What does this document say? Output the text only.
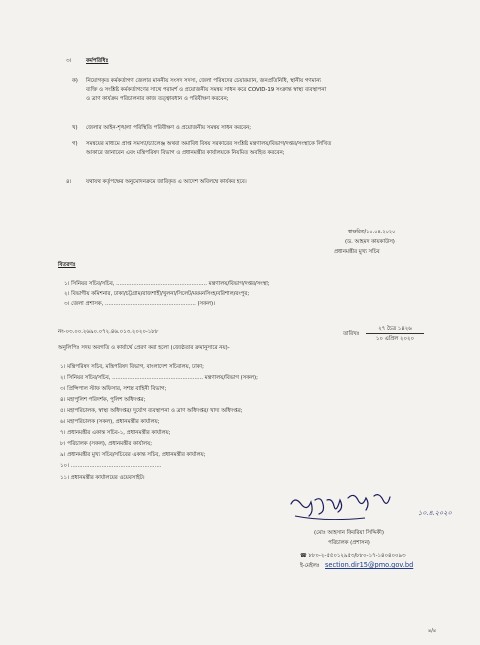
৩।	কর্মপরিধিঃ
ক) নিয়োগকৃত কর্মকর্তাগণ জেলার মাননীয় সংসদ সদস্য, জেলা পরিষদের চেয়ারম্যান, জনপ্রতিনিধি, স্থানীয় গণমান্য
ব্যক্তি ও সংশ্লিষ্ট কর্মকর্তাগণের সাথে পরামর্শ ও প্রয়োজনীয় সমন্বয় সাধন করে COVID-19 সংক্রান্ত স্বাস্থ্য ব্যবস্থাপনা
ও ত্রাণ কার্যক্রম পরিচালনার কাজ তত্ত্বাবধান ও পরিবীক্ষণ করবেন;
খ) জেলার আইন-শৃঙ্খলা পরিস্থিতি পরিবীক্ষণ ও প্রয়োজনীয় সমন্বয় সাধন করবেন;
গ) সমন্বয়ের মাধ্যমে প্রাপ্ত সমস্যা/চ্যালেঞ্জ অথবা অমাবিধ বিষয় সরকারের সংশ্লিষ্ট মন্ত্রণালয়/বিভাগ/দপ্তর/সংস্থাকে লিখিত
আকারে জানাবেন এবং মন্ত্রিপরিষদ বিভাগ ও প্রধানমন্ত্রীর কার্যালয়কে নিয়মিত অবহিত করবেন;
৪।	যথাযথ কর্তৃপক্ষের অনুমোদনক্রমে জারিকৃত এ আদেশ অবিলম্বে কার্যকর হবে।
স্বাক্ষরিত/১০.০৪.২০২০
(ড. আহমদ কায়কাউস)
প্রধানমন্ত্রীর মুখ্য সচিব
বিতরণঃ
১। সিনিয়র সচিব/সচিব, ..................................................... মন্ত্রণালয়/বিভাগ/দপ্তর/সংস্থা;
২। বিভাগীয় কমিশনার, ঢাকা/চট্টগ্রাম/রাজশাহী/খুলনা/সিলেট/ময়মনসিংহ/বরিশাল/রংপুর;
৩। জেলা প্রশাসক, ..................................................... (সকল)।
নং-০৩.০০.২৬৯০.০৭২.৪৬.০১৩.২০২০-১৮৮	২৭ চৈত্র ১৪২৬
তারিখঃ
১০ এপ্রিল ২০২০
অনুলিপিঃ সদয় অবগতি ও কার্যার্থে প্রেরণ করা হলো (জ্যেষ্ঠতার ক্রমানুসারে নয়)-
১। মন্ত্রিপরিষদ সচিব, মন্ত্রিপরিষদ বিভাগ, বাংলাদেশ সচিবালয়, ঢাকা;
২। সিনিয়র সচিব/সচিব, ..................................................... মন্ত্রণালয়/বিভাগ (সকল);
৩। প্রিন্সিপাল স্টাফ অফিসার, সশস্ত্র বাহিনী বিভাগ;
৪। মহাপুলিশ পরিদর্শক, পুলিশ অধিদপ্তর;
৫। মহাপরিচালক, স্বাস্থ্য অধিদপ্তর/ দুর্যোগ ব্যবস্থাপনা ও ত্রাণ অধিদপ্তর/ খাদ্য অধিদপ্তর;
৬। মহাপরিচালক (সকল), প্রধানমন্ত্রীর কার্যালয়;
৭। প্রধানমন্ত্রীর একান্ত সচিব-১, প্রধানমন্ত্রীর কার্যালয়;
৮। পরিচালক (সকল), প্রধানমন্ত্রীর কার্যালয়;
৯। প্রধানমন্ত্রীর মুখ্য সচিব/সচিবের একান্ত সচিব, প্রধানমন্ত্রীর কার্যালয়;
১০। .....................................................
১১। প্রধানমন্ত্রীর কার্যালয়ের ওয়েবসাইট।
১০.৪.২০২০
(মোঃ আহসান কিবরিয়া সিদ্দিকী)
পরিচালক (প্রশাসন)
☎ ৮৮০-২-৫৫০১২৯৫৩/৮৮০-১৭-১৪০৪০০৯৩
ই-মেইলঃ section.dir15@pmo.gov.bd
৪/৪
